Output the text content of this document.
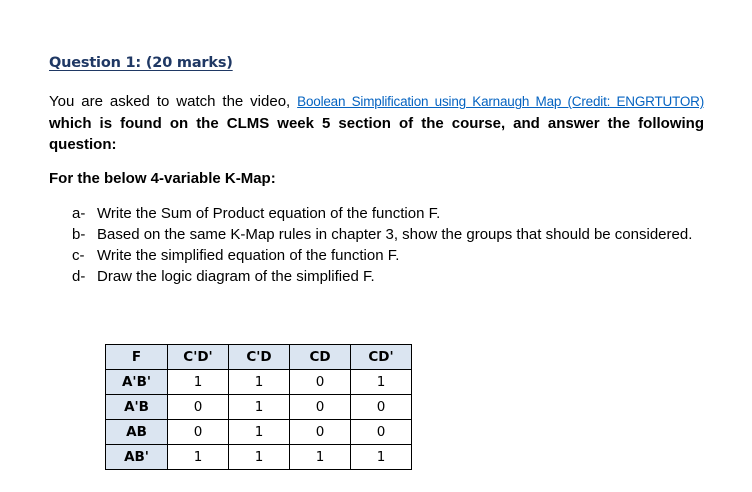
Question 1: (20 marks)
You are asked to watch the video, Boolean Simplification using Karnaugh Map (Credit: ENGRTUTOR) which is found on the CLMS week 5 section of the course, and answer the following question:
For the below 4-variable K-Map:
a- Write the Sum of Product equation of the function F.
b- Based on the same K-Map rules in chapter 3, show the groups that should be considered.
c- Write the simplified equation of the function F.
d- Draw the logic diagram of the simplified F.
F	C'D'	C'D	CD	CD'
A'B'	1	1	0	1
A'B	0	1	0	0
AB	0	1	0	0
AB'	1	1	1	1
